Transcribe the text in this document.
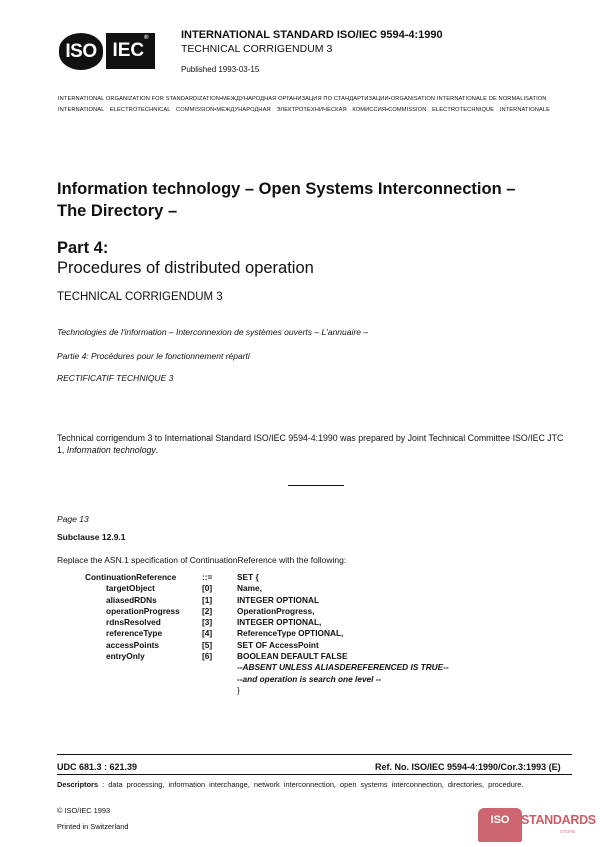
ISO IEC®	INTERNATIONAL STANDARD ISO/IEC 9594-4:1990
TECHNICAL CORRIGENDUM 3
Published 1993-03-15
INTERNATIONAL ORGANIZATION FOR STANDARDIZATION•МЕЖДУНАРОДНАЯ ОРГАНИЗАЦИЯ ПО СТАНДАРТИЗАЦИИ•ORGANISATION INTERNATIONALE DE NORMALISATION
INTERNATIONAL ELECTROTECHNICAL COMMISSION•МЕЖДУНАРОДНАЯ ЭЛЕКТРОТЕХНИЧЕСКАЯ КОМИССИЯ•COMMISSION ELECTROTECHNIQUE INTERNATIONALE
Information technology – Open Systems Interconnection –
The Directory –
Part 4:
Procedures of distributed operation
TECHNICAL CORRIGENDUM 3
Technologies de l'information – Interconnexion de systèmes ouverts – L'annuaire –
Partie 4: Procédures pour le fonctionnement réparti
RECTIFICATIF TECHNIQUE 3
Technical corrigendum 3 to International Standard ISO/IEC 9594-4:1990 was prepared by Joint Technical Committee ISO/IEC JTC 1, Information technology.
Page 13
Subclause 12.9.1
Replace the ASN.1 specification of ContinuationReference with the following:
ContinuationReference
targetObject
aliasedRDNs
operationProgress
rdnsResolved
referenceType
accessPoints
entryOnly
::=
[0]
[1]
[2]
[3]
[4]
[5]
[6]
SET {
Name,
INTEGER OPTIONAL
OperationProgress,
INTEGER OPTIONAL,
ReferenceType OPTIONAL,
SET OF AccessPoint
BOOLEAN DEFAULT FALSE
--ABSENT UNLESS ALIASDEREFERENCED IS TRUE--
--and operation is search one level --
}
UDC 681.3 : 621.39	Ref. No. ISO/IEC 9594-4:1990/Cor.3:1993 (E)
Descriptors : data processing, information interchange, network interconnection, open systems interconnection, directories, procedure.
© ISO/IEC 1993
Printed in Switzerland
ISO STANDARDS
STORE
